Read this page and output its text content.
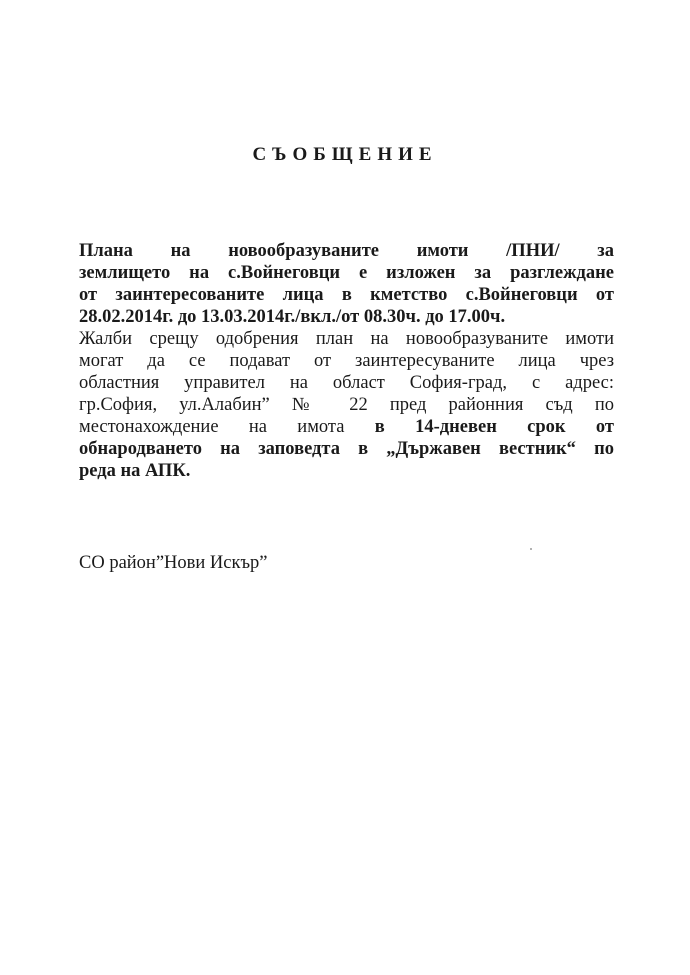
СЪОБЩЕНИЕ
Плана на новообразуваните имоти /ПНИ/ за
землището на с.Войнеговци е изложен за разглеждане
от заинтересованите лица в кметство с.Войнеговци от
28.02.2014г. до 13.03.2014г./вкл./от 08.30ч. до 17.00ч.
Жалби срещу одобрения план на новообразуваните имоти
могат да се подават от заинтересуваните лица чрез
областния управител на област София-град, с адрес:
гр.София, ул.Алабин” № 22 пред районния съд по
местонахождение на имота в 14-дневен срок от
обнародването на заповедта в „Държавен вестник“ по
реда на АПК.
СО район”Нови Искър”
